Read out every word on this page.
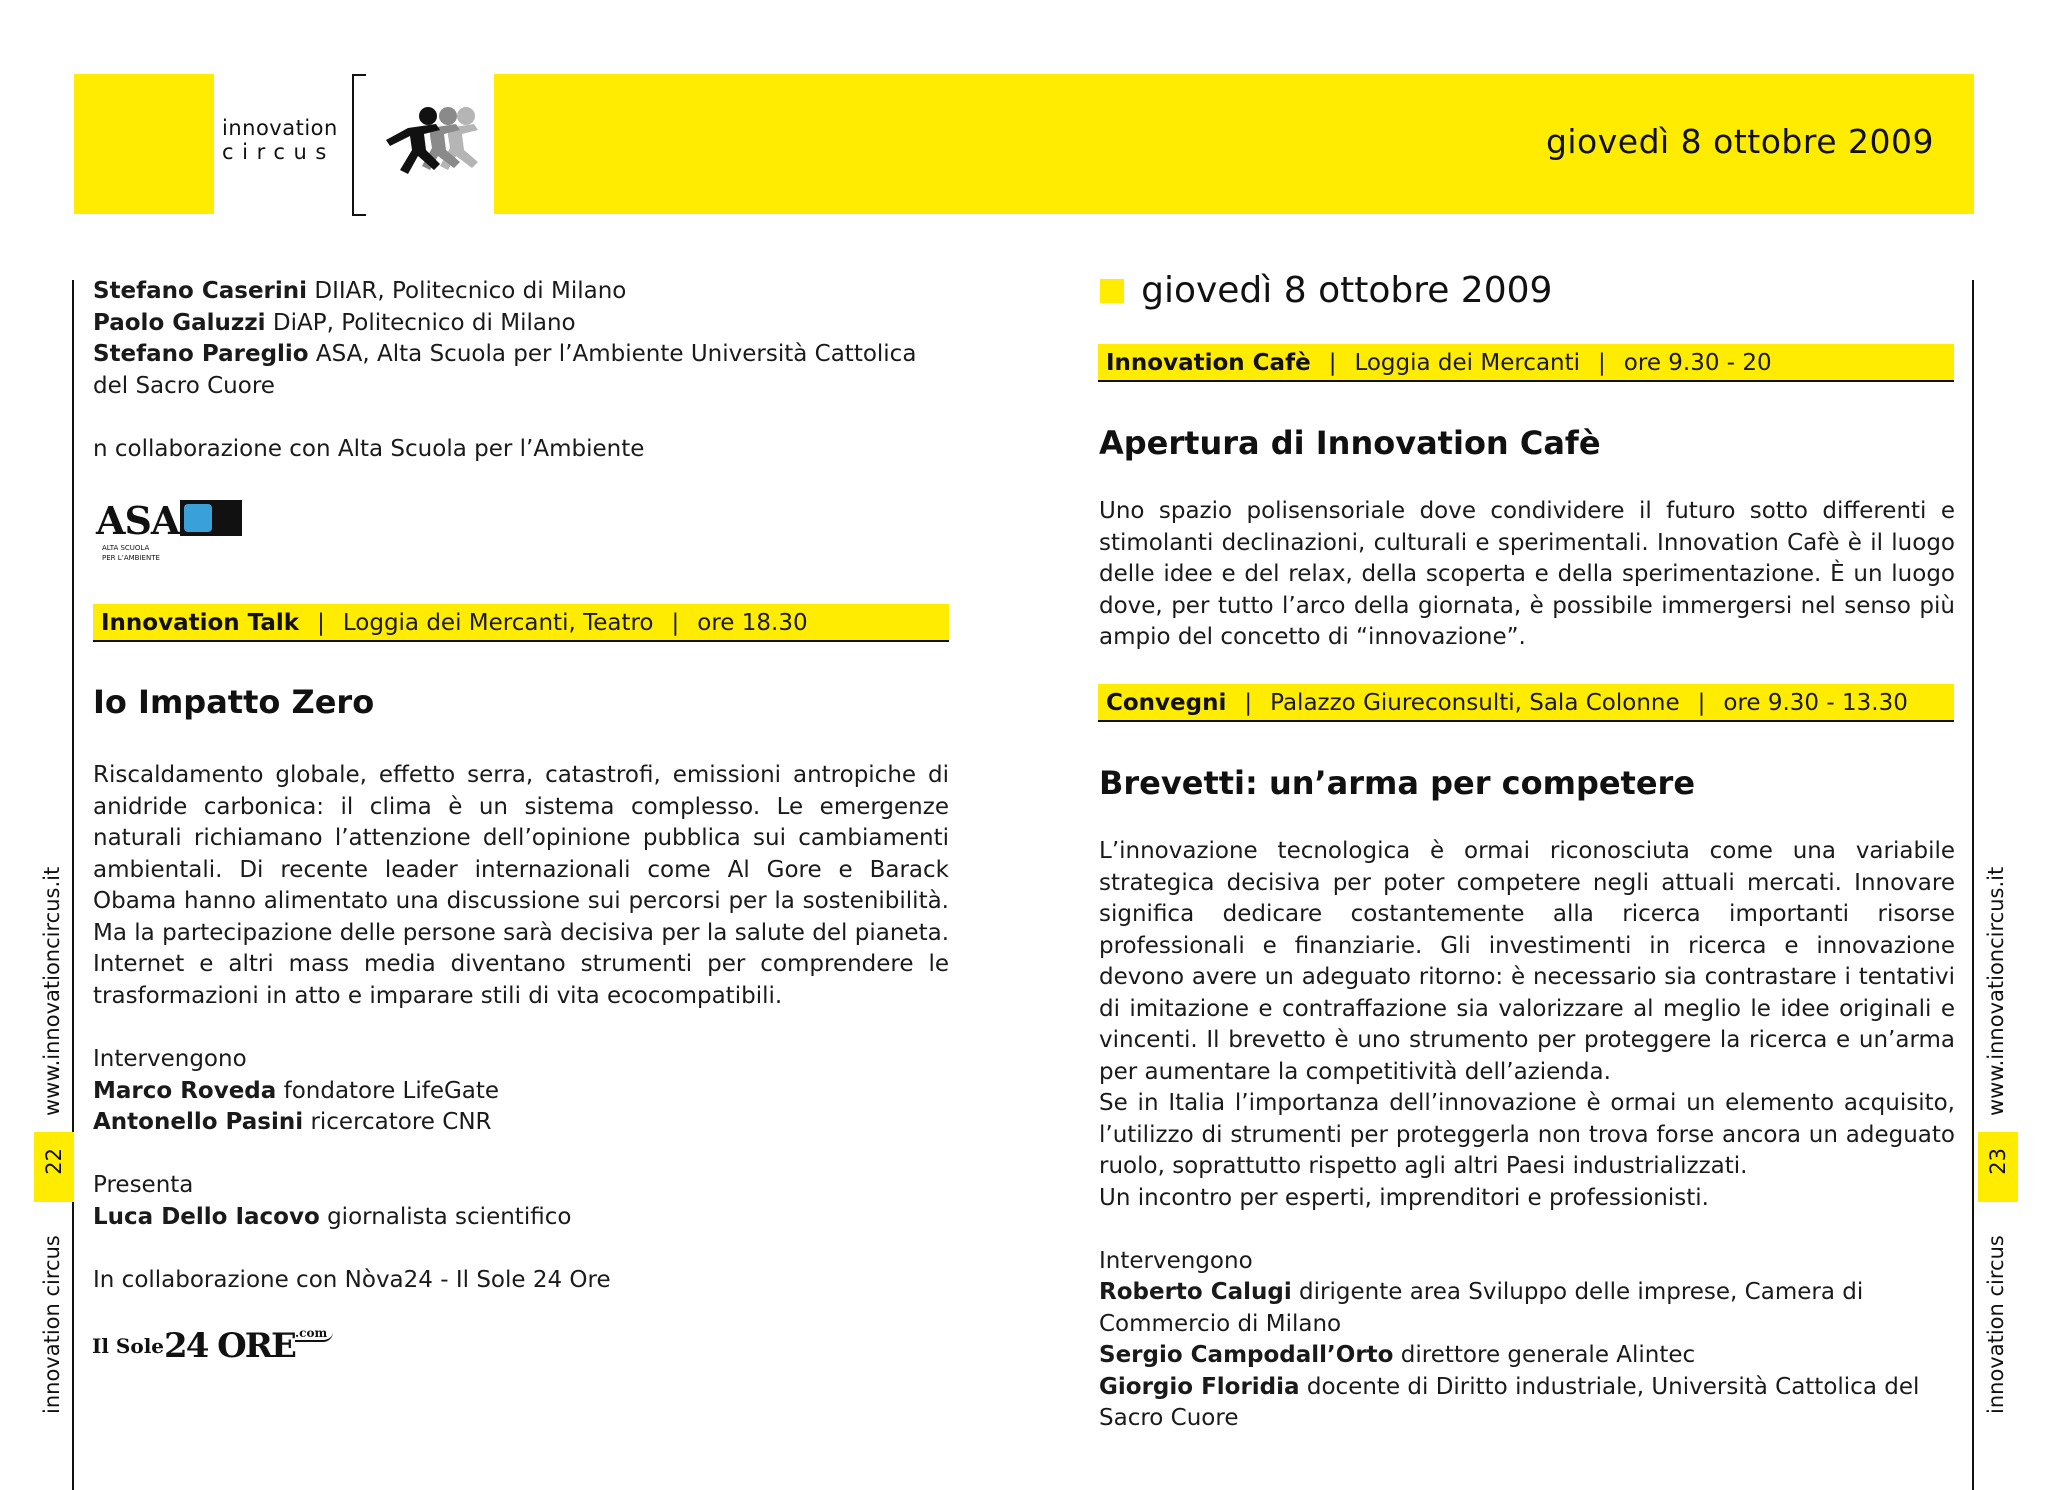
innovation
circus	giovedì 8 ottobre 2009
www.innovationcircus.it
22
innovation circus
www.innovationcircus.it
23
innovation circus

Stefano Caserini DIIAR, Politecnico di Milano

Paolo Galuzzi DiAP, Politecnico di Milano

Stefano Pareglio ASA, Alta Scuola per l’Ambiente Università Cattolica del Sacro Cuore

n collaborazione con Alta Scuola per l’Ambiente
ASA
ALTA SCUOLA
PER L’AMBIENTE
Innovation Talk | Loggia dei Mercanti, Teatro | ore 18.30
Io Impatto Zero
Riscaldamento globale, effetto serra, catastrofi, emissioni antropiche di anidride carbonica: il clima è un sistema complesso. Le emergenze naturali richiamano l’attenzione dell’opinione pubblica sui cambiamenti ambientali. Di recente leader internazionali come Al Gore e Barack Obama hanno alimentato una discussione sui percorsi per la sostenibilità. Ma la partecipazione delle persone sarà decisiva per la salute del pianeta. Internet e altri mass media diventano strumenti per comprendere le trasformazioni in atto e imparare stili di vita ecocompatibili.

Intervengono

Marco Roveda fondatore LifeGate

Antonello Pasini ricercatore CNR

Presenta

Luca Dello Iacovo giornalista scientifico

In collaborazione con Nòva24 - Il Sole 24 Ore

Il Sole24 $ORE^{.com}$
giovedì 8 ottobre 2009
Innovation Cafè | Loggia dei Mercanti | ore 9.30 - 20
Apertura di Innovation Cafè
Uno spazio polisensoriale dove condividere il futuro sotto differenti e stimolanti declinazioni, culturali e sperimentali. Innovation Cafè è il luogo delle idee e del relax, della scoperta e della sperimentazione. È un luogo dove, per tutto l’arco della giornata, è possibile immergersi nel senso più ampio del concetto di “innovazione”.
Convegni | Palazzo Giureconsulti, Sala Colonne | ore 9.30 - 13.30
Brevetti: un’arma per competere

L’innovazione tecnologica è ormai riconosciuta come una variabile strategica decisiva per poter competere negli attuali mercati. Innovare significa dedicare costantemente alla ricerca importanti risorse professionali e finanziarie. Gli investimenti in ricerca e innovazione devono avere un adeguato ritorno: è necessario sia contrastare i tentativi di imitazione e contraffazione sia valorizzare al meglio le idee originali e vincenti. Il brevetto è uno strumento per proteggere la ricerca e un’arma per aumentare la competitività dell’azienda.

Se in Italia l’importanza dell’innovazione è ormai un elemento acquisito, l’utilizzo di strumenti per proteggerla non trova forse ancora un adeguato ruolo, soprattutto rispetto agli altri Paesi industrializzati.

Un incontro per esperti, imprenditori e professionisti.

Intervengono

Roberto Calugi dirigente area Sviluppo delle imprese, Camera di Commercio di Milano

Sergio Campodall’Orto direttore generale Alintec

Giorgio Floridia docente di Diritto industriale, Università Cattolica del Sacro Cuore
